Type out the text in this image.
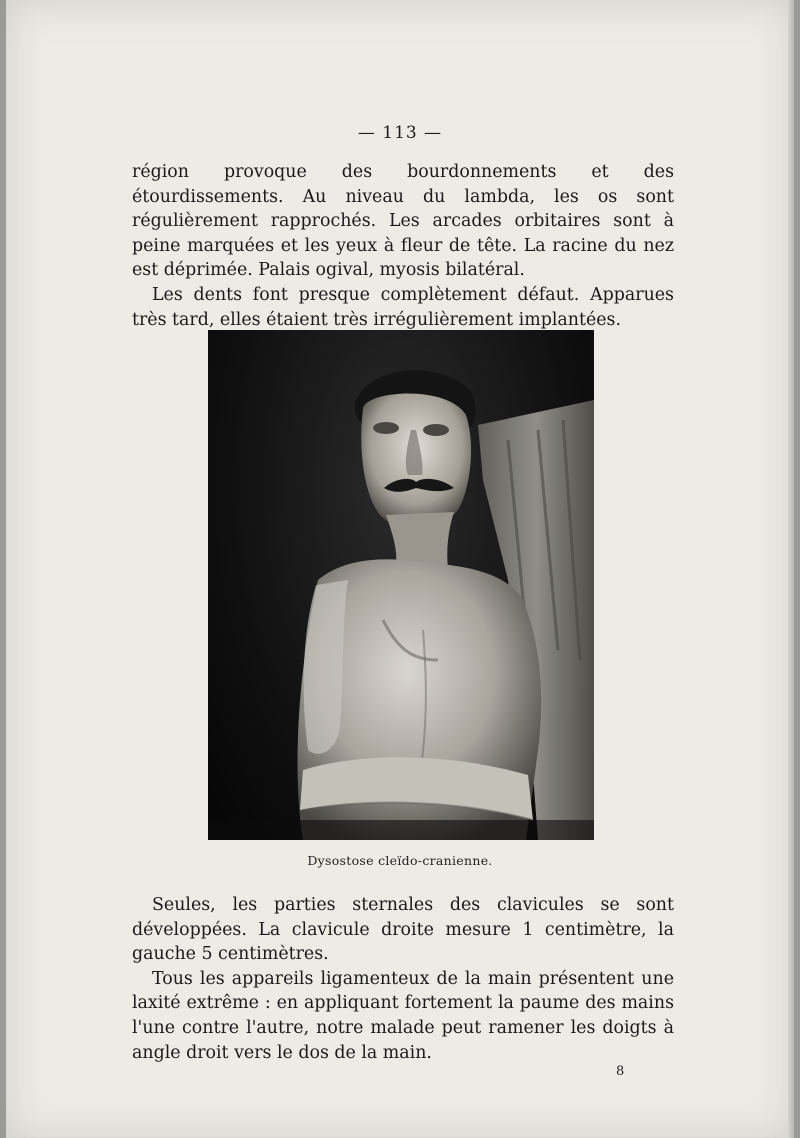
— 113 —

région provoque des bourdonnements et des étourdissements. Au niveau du lambda, les os sont régulièrement rapprochés. Les arcades orbitaires sont à peine marquées et les yeux à fleur de tête. La racine du nez est déprimée. Palais ogival, myosis bilatéral.

Les dents font presque complètement défaut. Apparues très tard, elles étaient très irrégulièrement implantées.

Dysostose cleïdo-cranienne.

Seules, les parties sternales des clavicules se sont développées. La clavicule droite mesure 1 centimètre, la gauche 5 centimètres.

Tous les appareils ligamenteux de la main présentent une laxité extrême : en appliquant fortement la paume des mains l'une contre l'autre, notre malade peut ramener les doigts à angle droit vers le dos de la main.

8
